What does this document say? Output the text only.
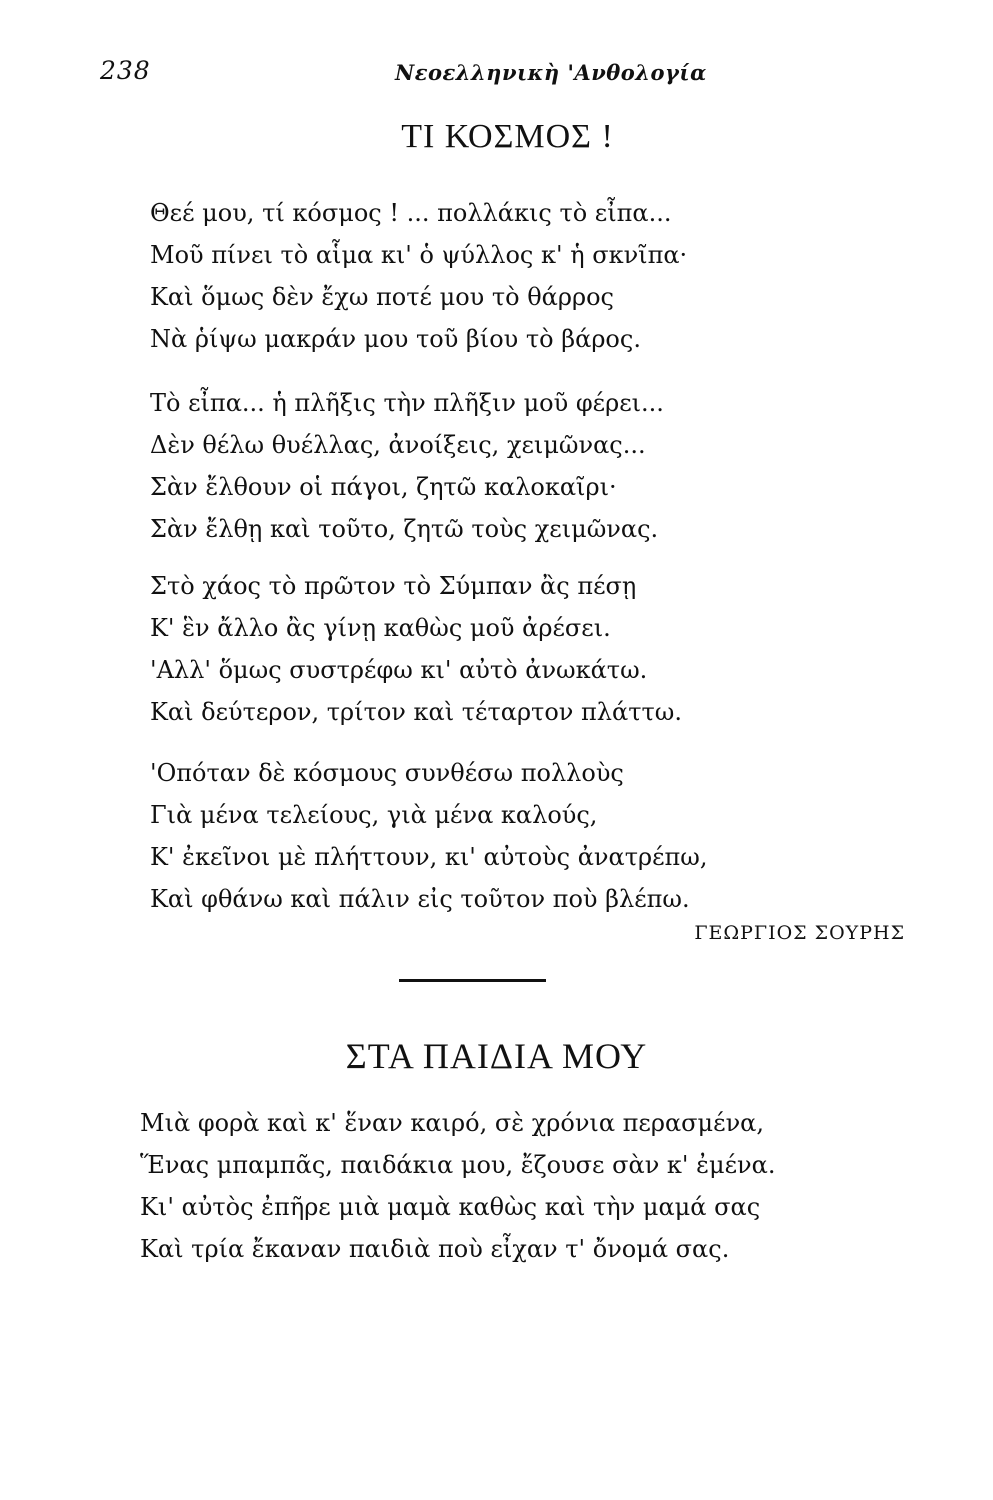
238	Νεοελληνικὴ 'Ανθολογία
ΤΙ ΚΟΣΜΟΣ !
Θεέ μου, τί κόσμος ! ... πολλάκις τὸ εἶπα...
Μοῦ πίνει τὸ αἷμα κι' ὁ ψύλλος κ' ἡ σκνῖπα·
Καὶ ὅμως δὲν ἔχω ποτέ μου τὸ θάρρος
Νὰ ῥίψω μακράν μου τοῦ βίου τὸ βάρος.
Τὸ εἶπα... ἡ πλῆξις τὴν πλῆξιν μοῦ φέρει...
Δὲν θέλω θυέλλας, ἀνοίξεις, χειμῶνας...
Σὰν ἔλθουν οἱ πάγοι, ζητῶ καλοκαῖρι·
Σὰν ἔλθῃ καὶ τοῦτο, ζητῶ τοὺς χειμῶνας.
Στὸ χάος τὸ πρῶτον τὸ Σύμπαν ἂς πέσῃ
Κ' ἓν ἄλλο ἂς γίνῃ καθὼς μοῦ ἀρέσει.
'Αλλ' ὅμως συστρέφω κι' αὐτὸ ἀνωκάτω.
Καὶ δεύτερον, τρίτον καὶ τέταρτον πλάττω.
'Οπόταν δὲ κόσμους συνθέσω πολλοὺς
Γιὰ μένα τελείους, γιὰ μένα καλούς,
Κ' ἐκεῖνοι μὲ πλήττουν, κι' αὐτοὺς ἀνατρέπω,
Καὶ φθάνω καὶ πάλιν εἰς τοῦτον ποὺ βλέπω.
ΓΕΩΡΓΙΟΣ ΣΟΥΡΗΣ
ΣΤΑ ΠΑΙΔΙΑ ΜΟΥ
Μιὰ φορὰ καὶ κ' ἕναν καιρό, σὲ χρόνια περασμένα,
Ἕνας μπαμπᾶς, παιδάκια μου, ἔζουσε σὰν κ' ἐμένα.
Κι' αὐτὸς ἐπῆρε μιὰ μαμὰ καθὼς καὶ τὴν μαμά σας
Καὶ τρία ἔκαναν παιδιὰ ποὺ εἶχαν τ' ὄνομά σας.
